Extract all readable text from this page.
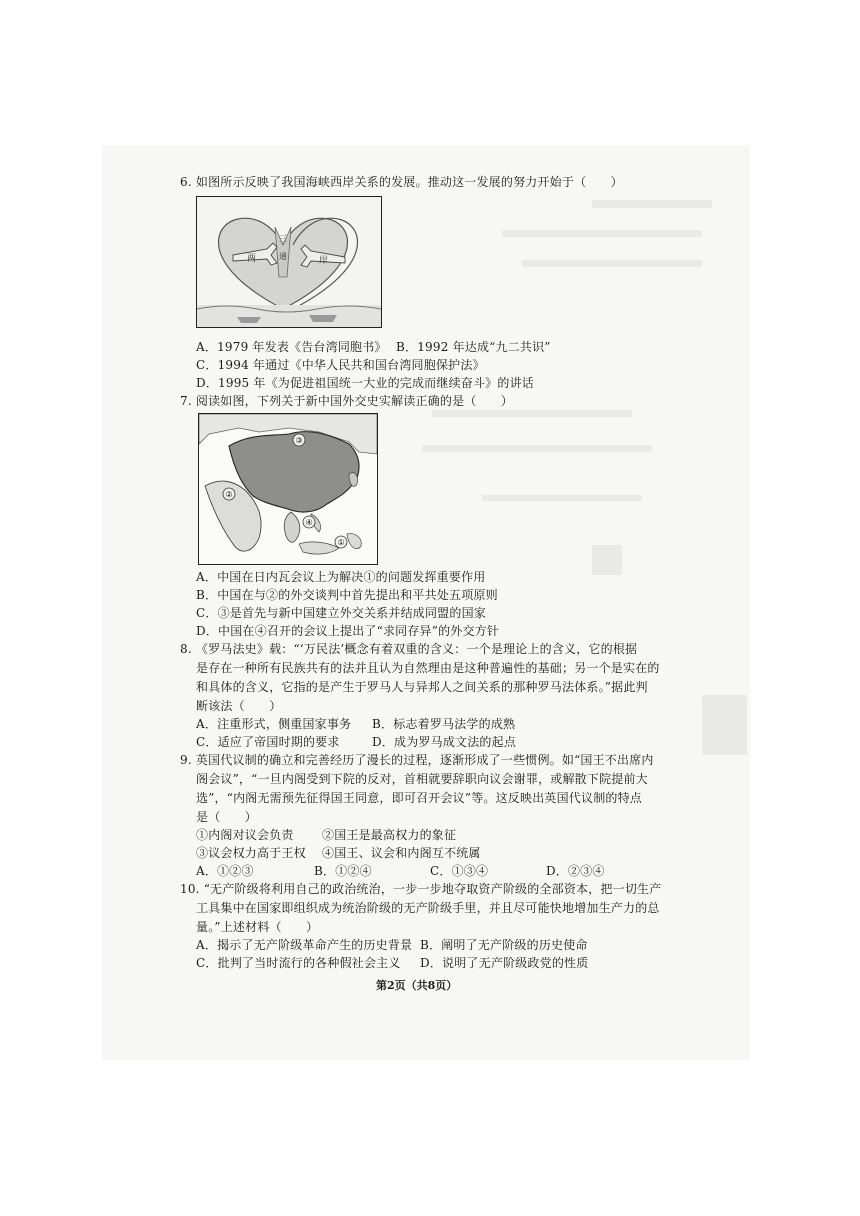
6. 如图所示反映了我国海峡西岸关系的发展。推动这一发展的努力开始于（　　）
两	岸
三
通
A．1979 年发表《告台湾同胞书》 B．1992 年达成“九二共识”
C．1994 年通过《中华人民共和国台湾同胞保护法》
D．1995 年《为促进祖国统一大业的完成而继续奋斗》的讲话
7. 阅读如图，下列关于新中国外交史实解读正确的是（　　）
③
②
④
①
A．中国在日内瓦会议上为解决①的问题发挥重要作用
B．中国在与②的外交谈判中首先提出和平共处五项原则
C．③是首先与新中国建立外交关系并结成同盟的国家
D．中国在④召开的会议上提出了“求同存异”的外交方针
8. 《罗马法史》载：“‘万民法’概念有着双重的含义：一个是理论上的含义，它的根据
是存在一种所有民族共有的法并且认为自然理由是这种普遍性的基础；另一个是实在的
和具体的含义，它指的是产生于罗马人与异邦人之间关系的那种罗马法体系。”据此判
断该法（　　）
A．注重形式，侧重国家事务 B．标志着罗马法学的成熟
C．适应了帝国时期的要求	D．成为罗马成文法的起点
9. 英国代议制的确立和完善经历了漫长的过程，逐渐形成了一些惯例。如“国王不出席内
阁会议”，“一旦内阁受到下院的反对，首相就要辞职向议会谢罪，或解散下院提前大
选”，“内阁无需预先征得国王同意，即可召开会议”等。这反映出英国代议制的特点
是（　　）
①内阁对议会负责 ②国王是最高权力的象征
③议会权力高于王权 ④国王、议会和内阁互不统属
A．①②③	B．①②④	C．①③④	D．②③④
10. “无产阶级将利用自己的政治统治，一步一步地夺取资产阶级的全部资本，把一切生产
工具集中在国家即组织成为统治阶级的无产阶级手里，并且尽可能快地增加生产力的总
量。”上述材料（　　）
A．揭示了无产阶级革命产生的历史背景 B．阐明了无产阶级的历史使命
C．批判了当时流行的各种假社会主义 D．说明了无产阶级政党的性质
第2页（共8页）
